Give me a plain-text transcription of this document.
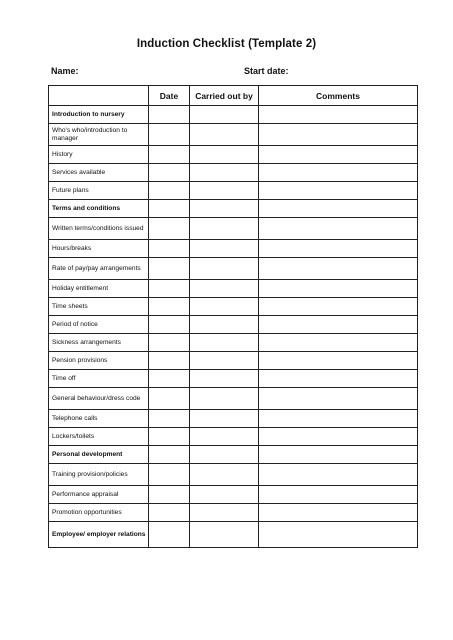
Induction Checklist (Template 2)
Name:	Start date:
	Date	Carried out by	Comments
Introduction to nursery			
Who's who/introduction to manager			
History			
Services available			
Future plans			
Terms and conditions			
Written terms/conditions issued			
Hours/breaks			
Rate of pay/pay arrangements			
Holiday entitlement			
Time sheets			
Period of notice			
Sickness arrangements			
Pension provisions			
Time off			
General behaviour/dress code			
Telephone calls			
Lockers/toilets			
Personal development			
Training provision/policies			
Performance appraisal			
Promotion opportunities			
Employee/ employer relations			
